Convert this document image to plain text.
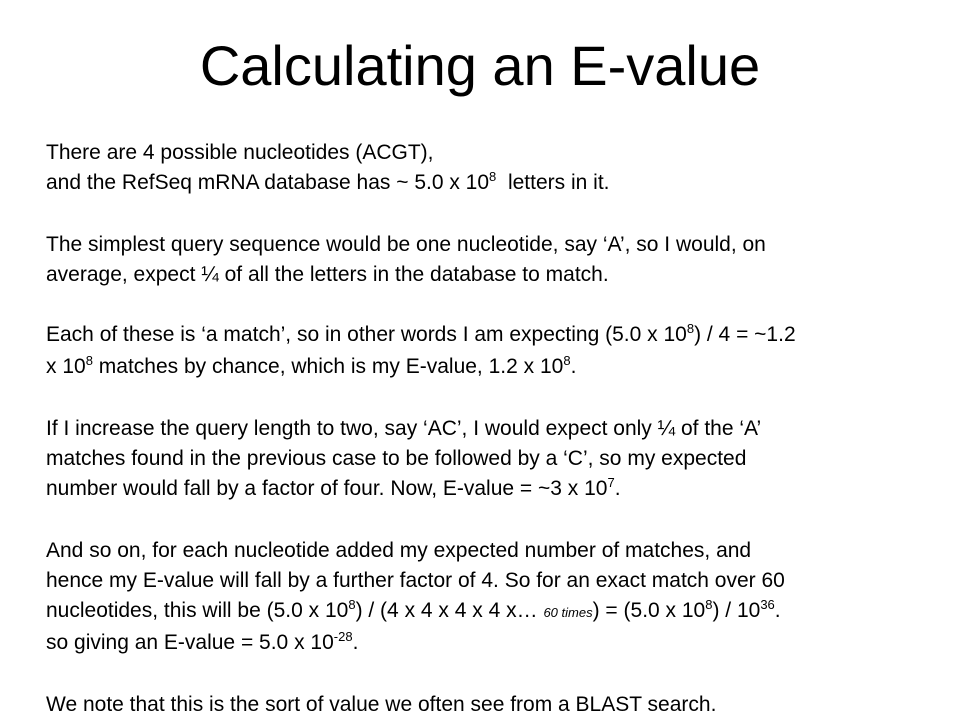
Calculating an E-value
There are 4 possible nucleotides (ACGT),
and the RefSeq mRNA database has ~ 5.0 x $10^8$  letters in it.
The simplest query sequence would be one nucleotide, say ‘A’, so I would, on
average, expect ¼ of all the letters in the database to match.
Each of these is ‘a match’, so in other words I am expecting (5.0 x $10^8) / 4$ = ~1.2
x $10^8$ matches by chance, which is my E-value, 1.2 x $10^8$.
If I increase the query length to two, say ‘AC’, I would expect only ¼ of the ‘A’
matches found in the previous case to be followed by a ‘C’, so my expected
number would fall by a factor of four. Now, E-value = ~3 x $10^7$.
And so on, for each nucleotide added my expected number of matches, and
hence my E-value will fall by a further factor of 4. So for an exact match over 60
nucleotides, this will be (5.0 x $10^8) / (4$ x 4 x 4 x 4 x… 60 times) = (5.0 x $10^8) / 10^{36}$.
so giving an E-value = 5.0 x $10^{-28}$.
We note that this is the sort of value we often see from a BLAST search.
